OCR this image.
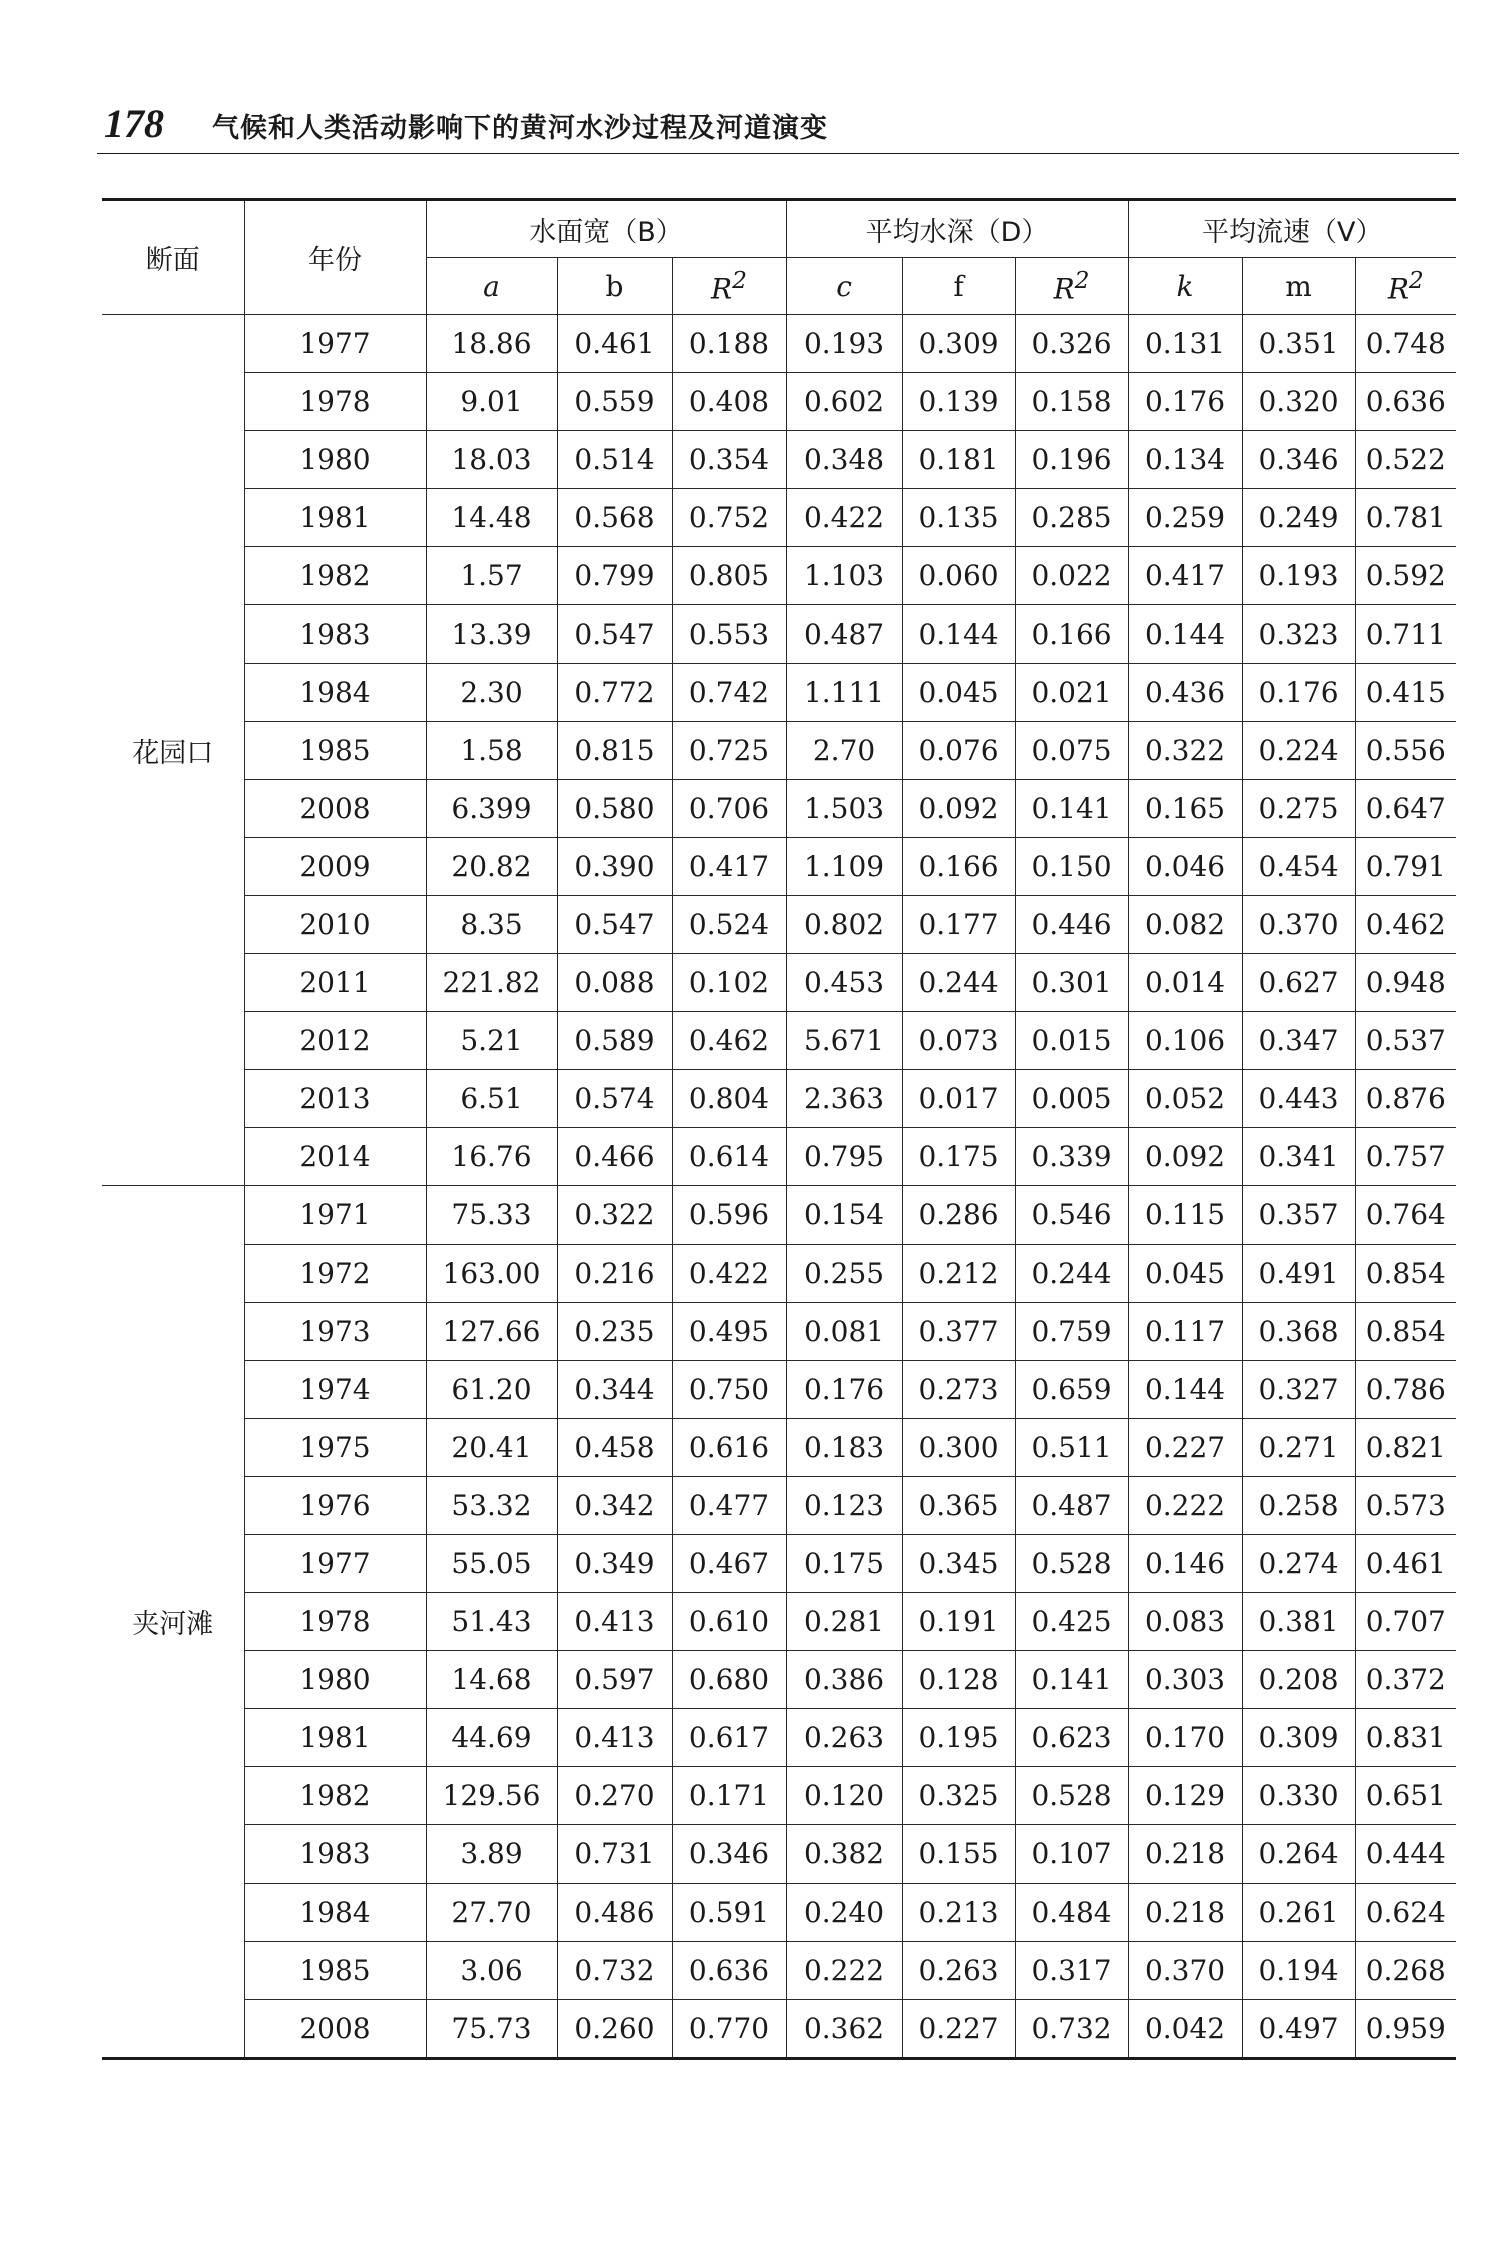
178 气候和人类活动影响下的黄河水沙过程及河道演变
断面	年份	水面宽（B）			平均水深（D）			平均流速（V）		
		a	b	$R^2$	c	f	$R^2$	k	m	$R^2$
花园口	1977	18.86	0.461	0.188	0.193	0.309	0.326	0.131	0.351	0.748
	1978	9.01	0.559	0.408	0.602	0.139	0.158	0.176	0.320	0.636
	1980	18.03	0.514	0.354	0.348	0.181	0.196	0.134	0.346	0.522
	1981	14.48	0.568	0.752	0.422	0.135	0.285	0.259	0.249	0.781
	1982	1.57	0.799	0.805	1.103	0.060	0.022	0.417	0.193	0.592
	1983	13.39	0.547	0.553	0.487	0.144	0.166	0.144	0.323	0.711
	1984	2.30	0.772	0.742	1.111	0.045	0.021	0.436	0.176	0.415
	1985	1.58	0.815	0.725	2.70	0.076	0.075	0.322	0.224	0.556
	2008	6.399	0.580	0.706	1.503	0.092	0.141	0.165	0.275	0.647
	2009	20.82	0.390	0.417	1.109	0.166	0.150	0.046	0.454	0.791
	2010	8.35	0.547	0.524	0.802	0.177	0.446	0.082	0.370	0.462
	2011	221.82	0.088	0.102	0.453	0.244	0.301	0.014	0.627	0.948
	2012	5.21	0.589	0.462	5.671	0.073	0.015	0.106	0.347	0.537
	2013	6.51	0.574	0.804	2.363	0.017	0.005	0.052	0.443	0.876
	2014	16.76	0.466	0.614	0.795	0.175	0.339	0.092	0.341	0.757
夹河滩	1971	75.33	0.322	0.596	0.154	0.286	0.546	0.115	0.357	0.764
	1972	163.00	0.216	0.422	0.255	0.212	0.244	0.045	0.491	0.854
	1973	127.66	0.235	0.495	0.081	0.377	0.759	0.117	0.368	0.854
	1974	61.20	0.344	0.750	0.176	0.273	0.659	0.144	0.327	0.786
	1975	20.41	0.458	0.616	0.183	0.300	0.511	0.227	0.271	0.821
	1976	53.32	0.342	0.477	0.123	0.365	0.487	0.222	0.258	0.573
	1977	55.05	0.349	0.467	0.175	0.345	0.528	0.146	0.274	0.461
	1978	51.43	0.413	0.610	0.281	0.191	0.425	0.083	0.381	0.707
	1980	14.68	0.597	0.680	0.386	0.128	0.141	0.303	0.208	0.372
	1981	44.69	0.413	0.617	0.263	0.195	0.623	0.170	0.309	0.831
	1982	129.56	0.270	0.171	0.120	0.325	0.528	0.129	0.330	0.651
	1983	3.89	0.731	0.346	0.382	0.155	0.107	0.218	0.264	0.444
	1984	27.70	0.486	0.591	0.240	0.213	0.484	0.218	0.261	0.624
	1985	3.06	0.732	0.636	0.222	0.263	0.317	0.370	0.194	0.268
	2008	75.73	0.260	0.770	0.362	0.227	0.732	0.042	0.497	0.959
